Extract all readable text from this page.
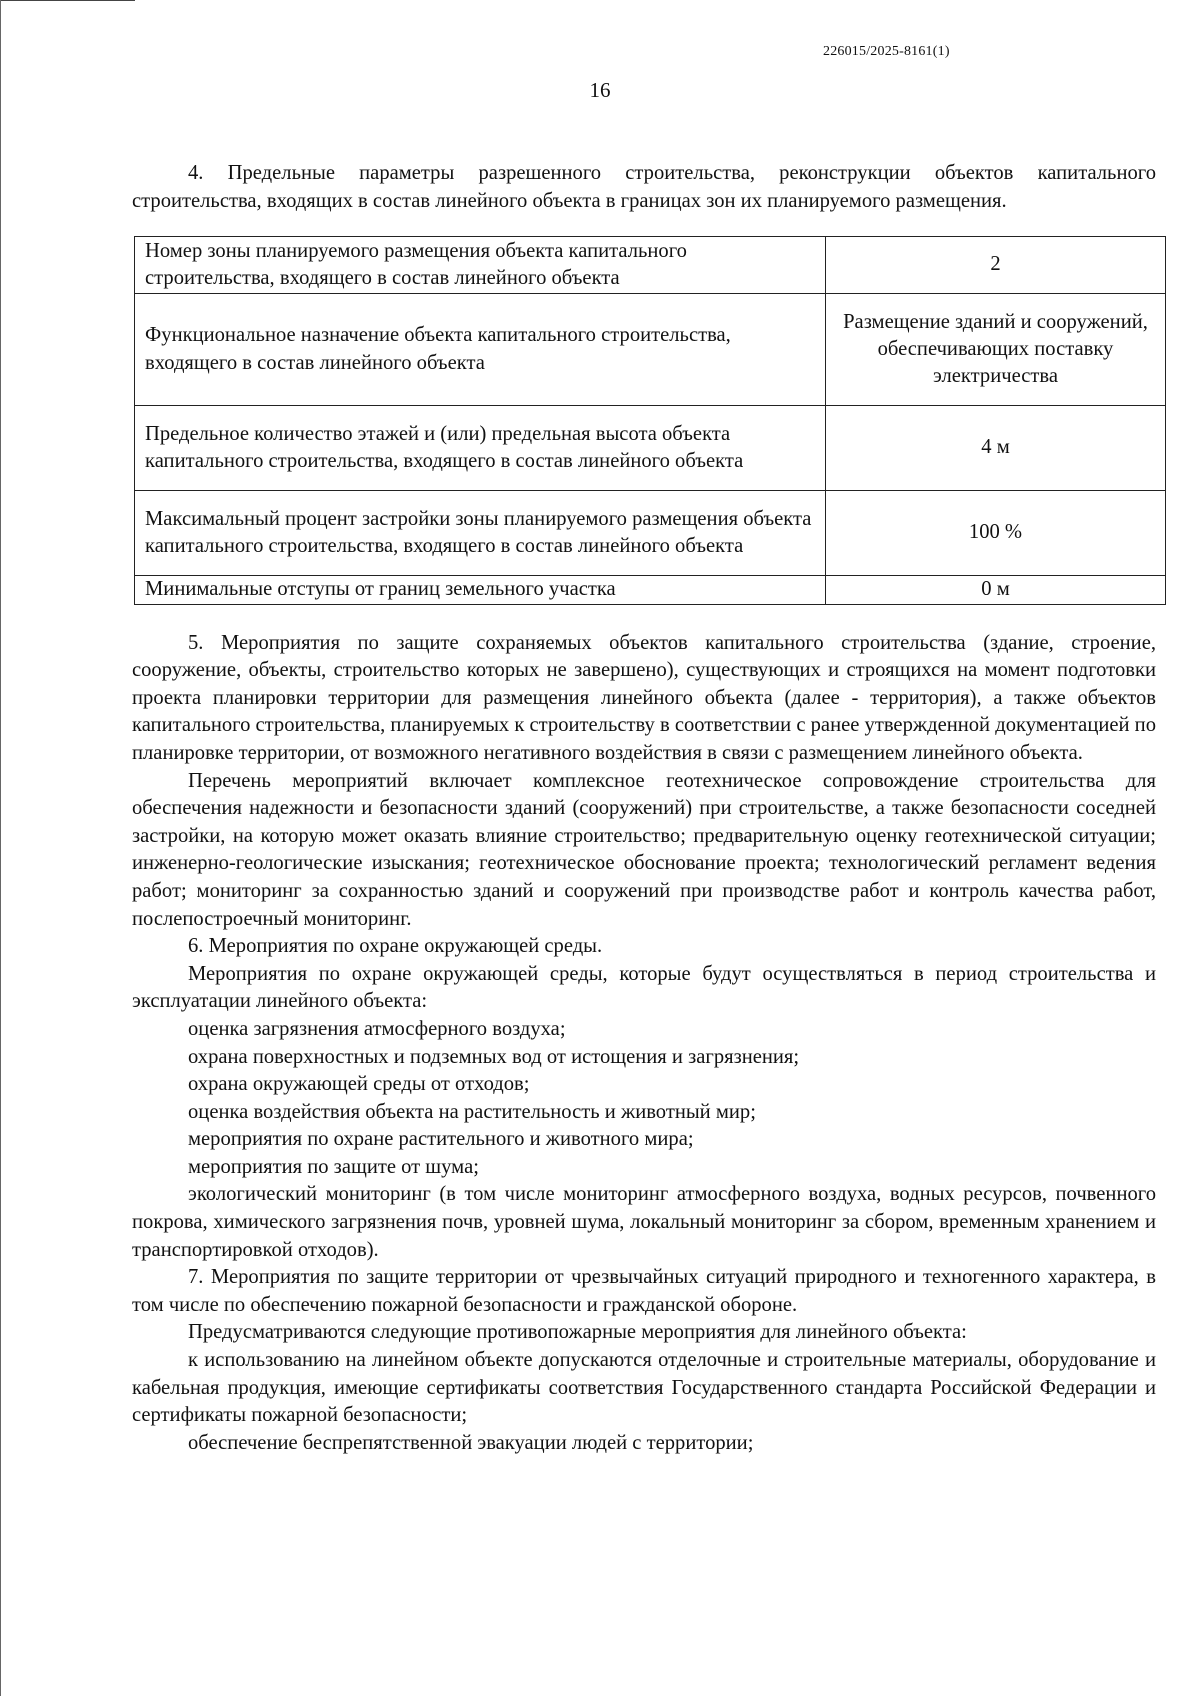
226015/2025-8161(1)
16

4. Предельные параметры разрешенного строительства, реконструкции объектов капитального строительства, входящих в состав линейного объекта в границах зон их планируемого размещения.

Номер зоны планируемого размещения объекта капитального строительства, входящего в состав линейного объекта	2
Функциональное назначение объекта капитального строительства, входящего в состав линейного объекта	Размещение зданий и сооружений, обеспечивающих поставку электричества
Предельное количество этажей и (или) предельная высота объекта капитального строительства, входящего в состав линейного объекта	4 м
Максимальный процент застройки зоны планируемого размещения объекта капитального строительства, входящего в состав линейного объекта	100 %
Минимальные отступы от границ земельного участка	0 м

5. Мероприятия по защите сохраняемых объектов капитального строительства (здание, строение, сооружение, объекты, строительство которых не завершено), существующих и строящихся на момент подготовки проекта планировки территории для размещения линейного объекта (далее - территория), а также объектов капитального строительства, планируемых к строительству в соответствии с ранее утвержденной документацией по планировке территории, от возможного негативного воздействия в связи с размещением линейного объекта.

Перечень мероприятий включает комплексное геотехническое сопровождение строительства для обеспечения надежности и безопасности зданий (сооружений) при строительстве, а также безопасности соседней застройки, на которую может оказать влияние строительство; предварительную оценку геотехнической ситуации; инженерно-геологические изыскания; геотехническое обоснование проекта; технологический регламент ведения работ; мониторинг за сохранностью зданий и сооружений при производстве работ и контроль качества работ, послепостроечный мониторинг.

6. Мероприятия по охране окружающей среды.

Мероприятия по охране окружающей среды, которые будут осуществляться в период строительства и эксплуатации линейного объекта:

оценка загрязнения атмосферного воздуха;

охрана поверхностных и подземных вод от истощения и загрязнения;

охрана окружающей среды от отходов;

оценка воздействия объекта на растительность и животный мир;

мероприятия по охране растительного и животного мира;

мероприятия по защите от шума;

экологический мониторинг (в том числе мониторинг атмосферного воздуха, водных ресурсов, почвенного покрова, химического загрязнения почв, уровней шума, локальный мониторинг за сбором, временным хранением и транспортировкой отходов).

7. Мероприятия по защите территории от чрезвычайных ситуаций природного и техногенного характера, в том числе по обеспечению пожарной безопасности и гражданской обороне.

Предусматриваются следующие противопожарные мероприятия для линейного объекта:

к использованию на линейном объекте допускаются отделочные и строительные материалы, оборудование и кабельная продукция, имеющие сертификаты соответствия Государственного стандарта Российской Федерации и сертификаты пожарной безопасности;

обеспечение беспрепятственной эвакуации людей с территории;
